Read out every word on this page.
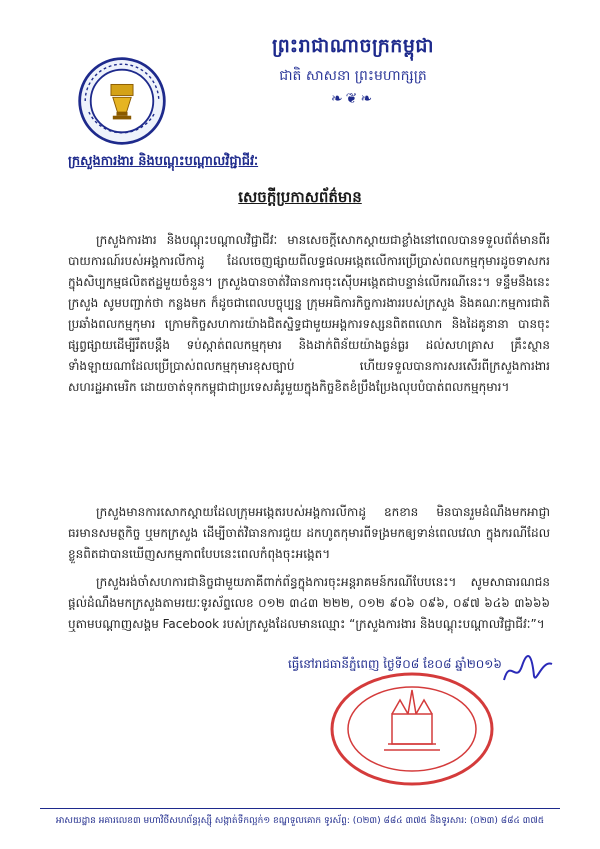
ព្រះរាជាណាចក្រកម្ពុជា
ជាតិ សាសនា ព្រះមហាក្សត្រ
❧❦❧
ក្រសួងការងារ និងបណ្តុះបណ្តាលវិជ្ជាជីវៈ
សេចក្តីប្រកាសព័ត៌មាន
ក្រសួងការងារ និងបណ្តុះបណ្តាលវិជ្ជាជីវៈ មានសេចក្តីសោកស្តាយជាខ្លាំងនៅពេលបានទទួលព័ត៌មានពីរបាយការណ៍របស់អង្គការលីកាដូ ដែលចេញផ្សាយពីលទ្ធផលអង្កេតលើការប្រើប្រាស់ពលកម្មកុមារដូចទាសករ ក្នុងសិប្បកម្មផលិតឥដ្ឋមួយចំនួន។ ក្រសួងបានចាត់វិធានការចុះស៊ើបអង្កេតជាបន្ទាន់លើករណីនេះ។ ទន្ទឹមនឹងនេះក្រសួង សូមបញ្ជាក់ថា កន្លងមក ក៏ដូចជាពេលបច្ចុប្បន្ន ក្រុមអធិការកិច្ចការងាររបស់ក្រសួង និងគណៈកម្មការជាតិប្រឆាំងពលកម្មកុមារ ក្រោមកិច្ចសហការយ៉ាងជិតស្និទ្ធជាមួយអង្គការទស្សនពិតពលោក និងដៃគូនានា បានចុះផ្សព្វផ្សាយដើម្បីរឹតបន្តឹង ទប់ស្កាត់ពលកម្មកុមារ និងដាក់ពិន័យយ៉ាងធ្ងន់ធ្ងរ ដល់សហគ្រាស គ្រឹះស្ថានទាំងឡាយណាដែលប្រើប្រាស់ពលកម្មកុមារខុសច្បាប់ ហើយទទួលបានការសរសើរពីក្រសួងការងារសហរដ្ឋអាមេរិក ដោយចាត់ទុកកម្ពុជាជាប្រទេសគំរូមួយក្នុងកិច្ចខិតខំប្រឹងប្រែងលុបបំបាត់ពលកម្មកុមារ។
ក្រសួងមានការសោកស្តាយដែលក្រុមអង្កេតរបស់អង្គការលីកាដូ ឧកខាន មិនបានរួមដំណឹងមកអាជ្ញាធរមានសមត្ថកិច្ច ឬមកក្រសួង ដើម្បីចាត់វិធានការជួយ ដកហូតកុមារពីទង្រមកឲ្យទាន់ពេលវេលា ក្នុងករណីដែលខ្លួនពិតជាបានឃើញសកម្មភាពបែបនេះពេលកំពុងចុះអង្កេត។
ក្រសួងរង់ចាំសហការជានិច្ចជាមួយភាគីពាក់ព័ន្ធក្នុងការចុះអន្តរាគមន៍ករណីបែបនេះ។ សូមសាធារណជនផ្តល់ដំណឹងមកក្រសួងតាមរយៈទូរស័ព្ទលេខ ០១២ ៣៤៣ ២២២, ០១២ ៩០៦ ០៩៦, ០៩៧ ៦៤៦ ៣៦៦៦ ឬតាមបណ្តាញសង្គម Facebook របស់ក្រសួងដែលមានឈ្មោះ “ក្រសួងការងារ និងបណ្តុះបណ្តាលវិជ្ជាជីវៈ”។
ធ្វើនៅរាជធានីភ្នំពេញ ថ្ងៃទី០៨ ខែ០៨ ឆ្នាំ២០១៦
អាសយដ្ឋាន អគារលេខ៣ មហាវិថីសហព័ន្ធរុស្ស៊ី សង្កាត់ទឹកល្អក់១ ខណ្ឌទួលគោក ទូរស័ព្ទ: (០២៣) ៨៨៤ ៣៧៥ និងទូរសារ: (០២៣) ៨៨៤ ៣៧៥
